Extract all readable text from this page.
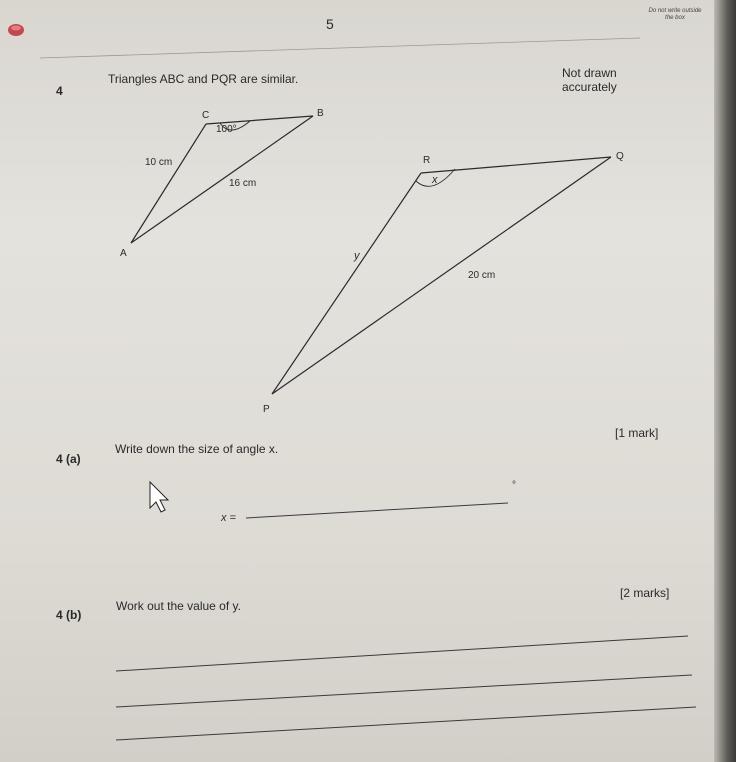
5
Do not write outside the box
4
Triangles ABC and PQR are similar.	Not drawn
accurately
C	B
A
100°
10 cm
16 cm
R	Q
P
x
y
20 cm
4 (a)
Write down the size of angle x.
[1 mark]
x =
°
4 (b)
Work out the value of y.
[2 marks]
